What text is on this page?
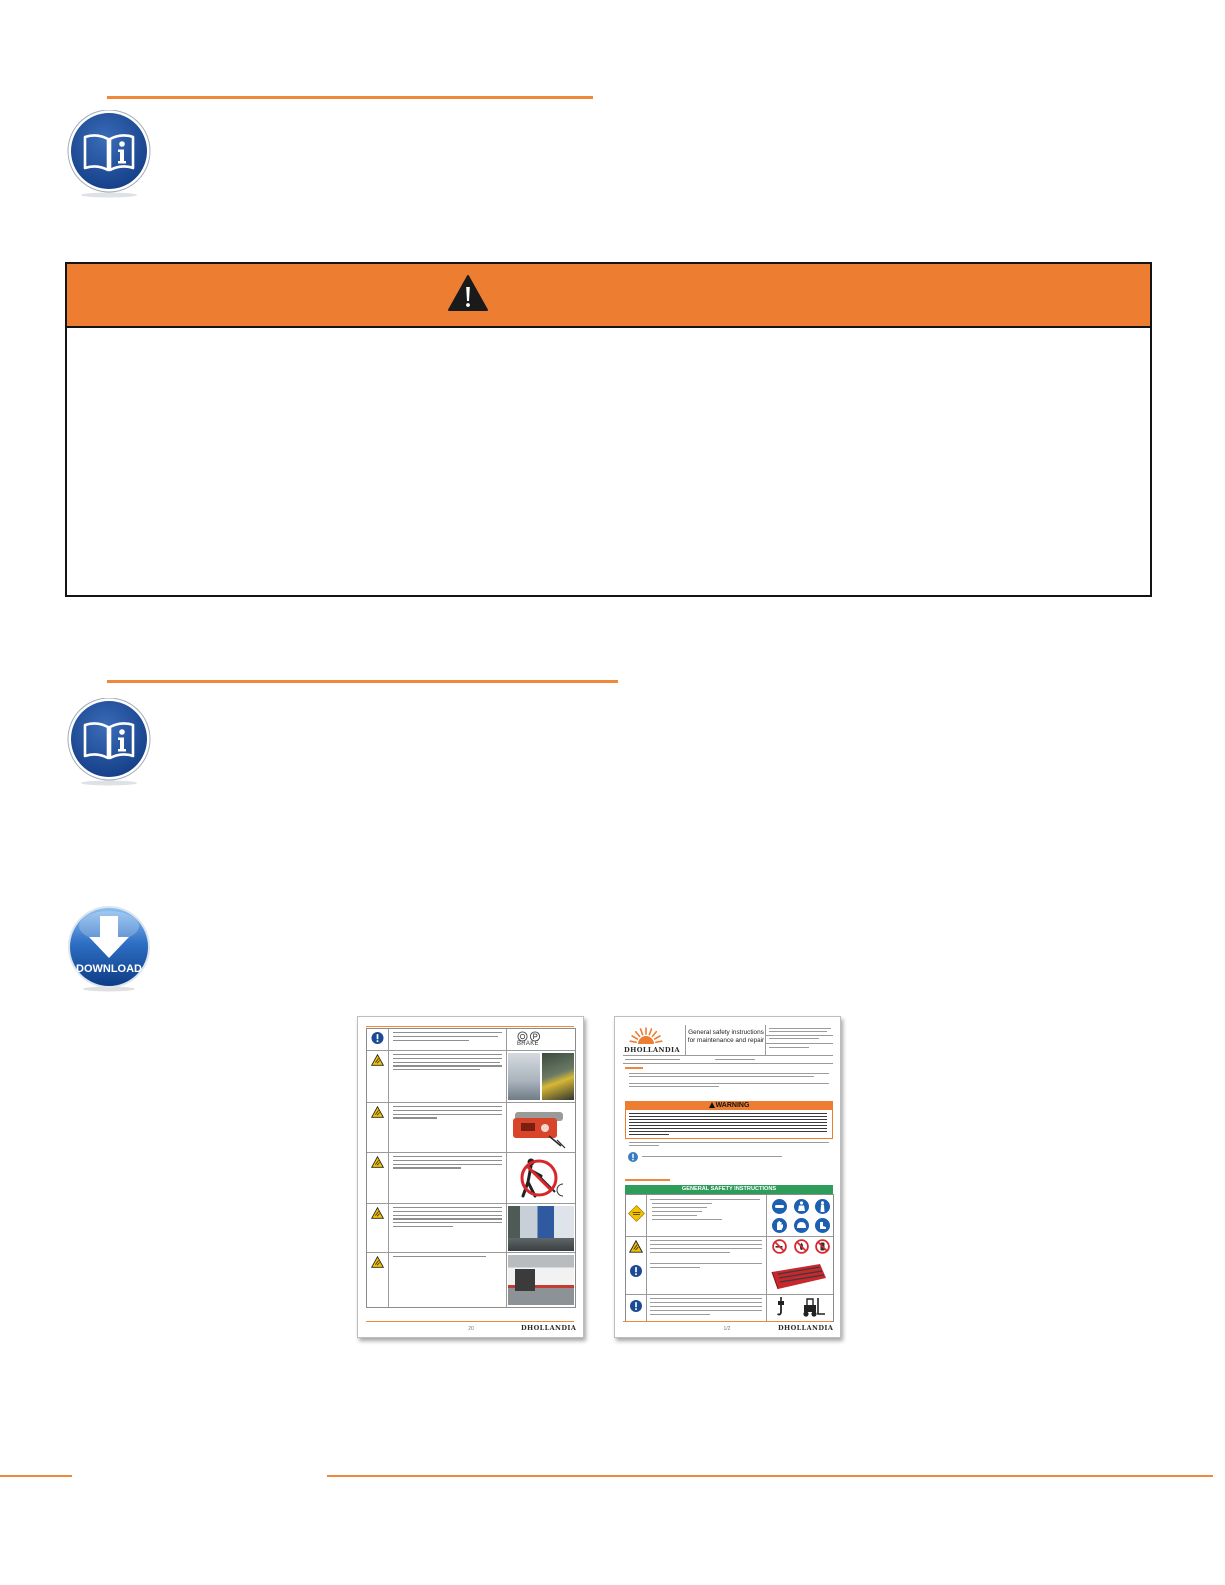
DOWNLOAD
BRAKE
20	DHOLLANDIA
DHOLLANDIA
General safety instructions
for maintenance and repair
WARNING
GENERAL SAFETY INSTRUCTIONS
1/2	DHOLLANDIA
